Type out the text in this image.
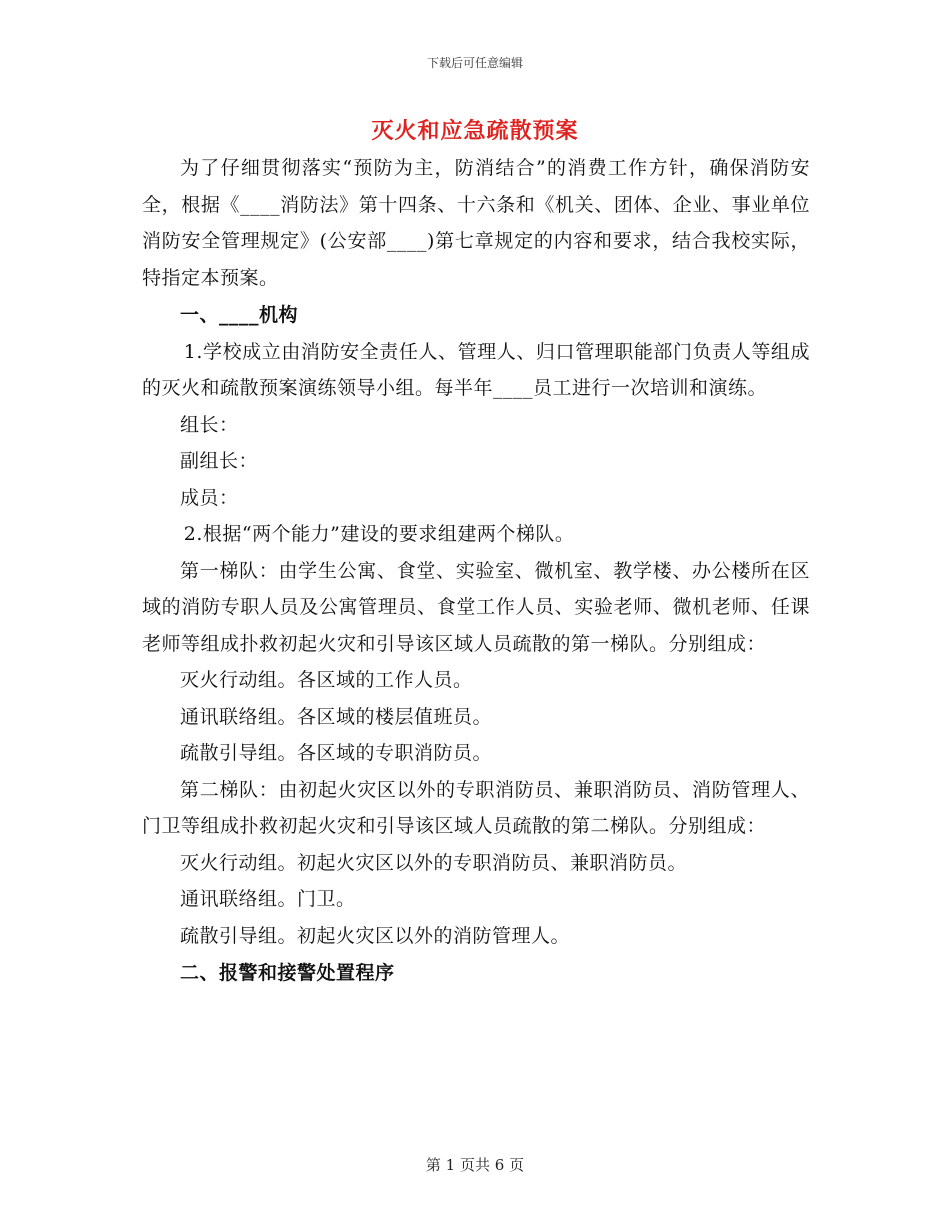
下载后可任意编辑
灭火和应急疏散预案

为了仔细贯彻落实“预防为主，防消结合”的消费工作方针，确保消防安全，根据《____消防法》第十四条、十六条和《机关、团体、企业、事业单位消防安全管理规定》(公安部____)第七章规定的内容和要求，结合我校实际，特指定本预案。

一、____机构

1.学校成立由消防安全责任人、管理人、归口管理职能部门负责人等组成的灭火和疏散预案演练领导小组。每半年____员工进行一次培训和演练。

组长：

副组长：

成员：

2.根据“两个能力”建设的要求组建两个梯队。

第一梯队：由学生公寓、食堂、实验室、微机室、教学楼、办公楼所在区域的消防专职人员及公寓管理员、食堂工作人员、实验老师、微机老师、任课老师等组成扑救初起火灾和引导该区域人员疏散的第一梯队。分别组成：

灭火行动组。各区域的工作人员。

通讯联络组。各区域的楼层值班员。

疏散引导组。各区域的专职消防员。

第二梯队：由初起火灾区以外的专职消防员、兼职消防员、消防管理人、门卫等组成扑救初起火灾和引导该区域人员疏散的第二梯队。分别组成：

灭火行动组。初起火灾区以外的专职消防员、兼职消防员。

通讯联络组。门卫。

疏散引导组。初起火灾区以外的消防管理人。

二、报警和接警处置程序

第 1 页共 6 页
